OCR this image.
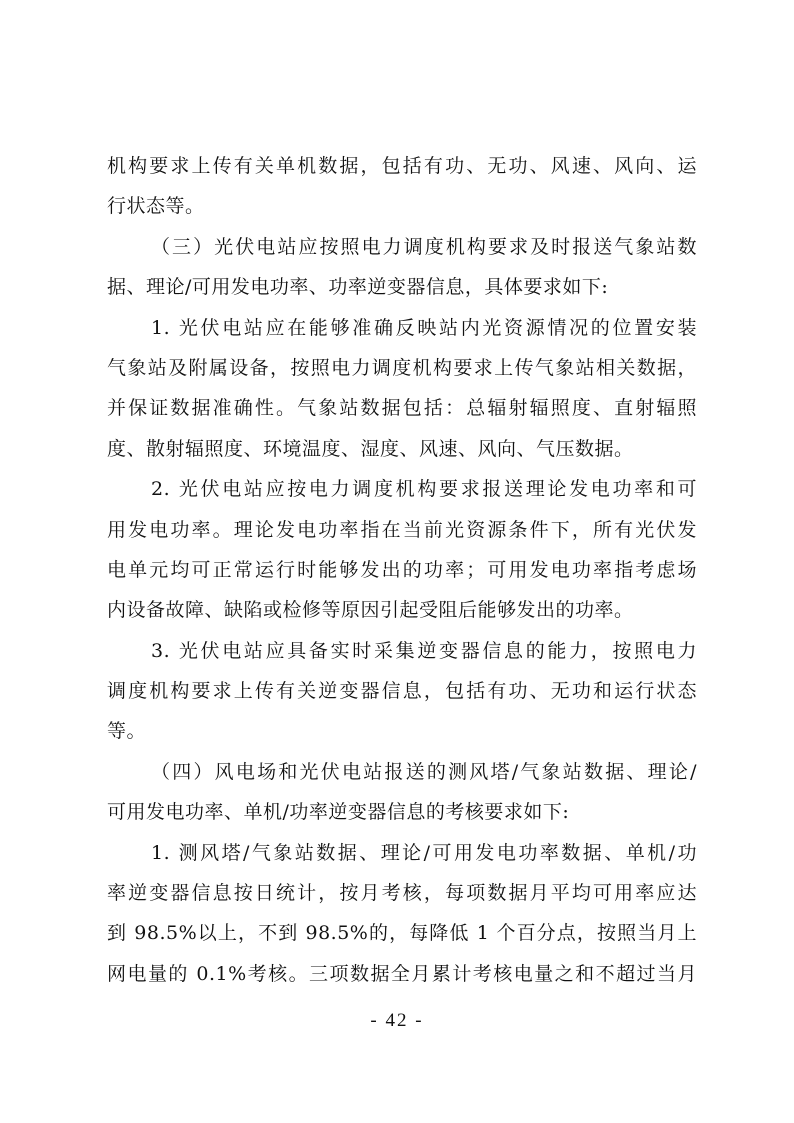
机构要求上传有关单机数据，包括有功、无功、风速、风向、运
行状态等。
（三）光伏电站应按照电力调度机构要求及时报送气象站数
据、理论/可用发电功率、功率逆变器信息，具体要求如下:
1. 光伏电站应在能够准确反映站内光资源情况的位置安装
气象站及附属设备，按照电力调度机构要求上传气象站相关数据，
并保证数据准确性。气象站数据包括：总辐射辐照度、直射辐照
度、散射辐照度、环境温度、湿度、风速、风向、气压数据。
2. 光伏电站应按电力调度机构要求报送理论发电功率和可
用发电功率。理论发电功率指在当前光资源条件下，所有光伏发
电单元均可正常运行时能够发出的功率；可用发电功率指考虑场
内设备故障、缺陷或检修等原因引起受阻后能够发出的功率。
3. 光伏电站应具备实时采集逆变器信息的能力，按照电力
调度机构要求上传有关逆变器信息，包括有功、无功和运行状态
等。
（四）风电场和光伏电站报送的测风塔/气象站数据、理论/
可用发电功率、单机/功率逆变器信息的考核要求如下:
1. 测风塔/气象站数据、理论/可用发电功率数据、单机/功
率逆变器信息按日统计，按月考核，每项数据月平均可用率应达
到 98.5%以上，不到 98.5%的，每降低 1 个百分点，按照当月上
网电量的 0.1%考核。三项数据全月累计考核电量之和不超过当月
- 42 -
